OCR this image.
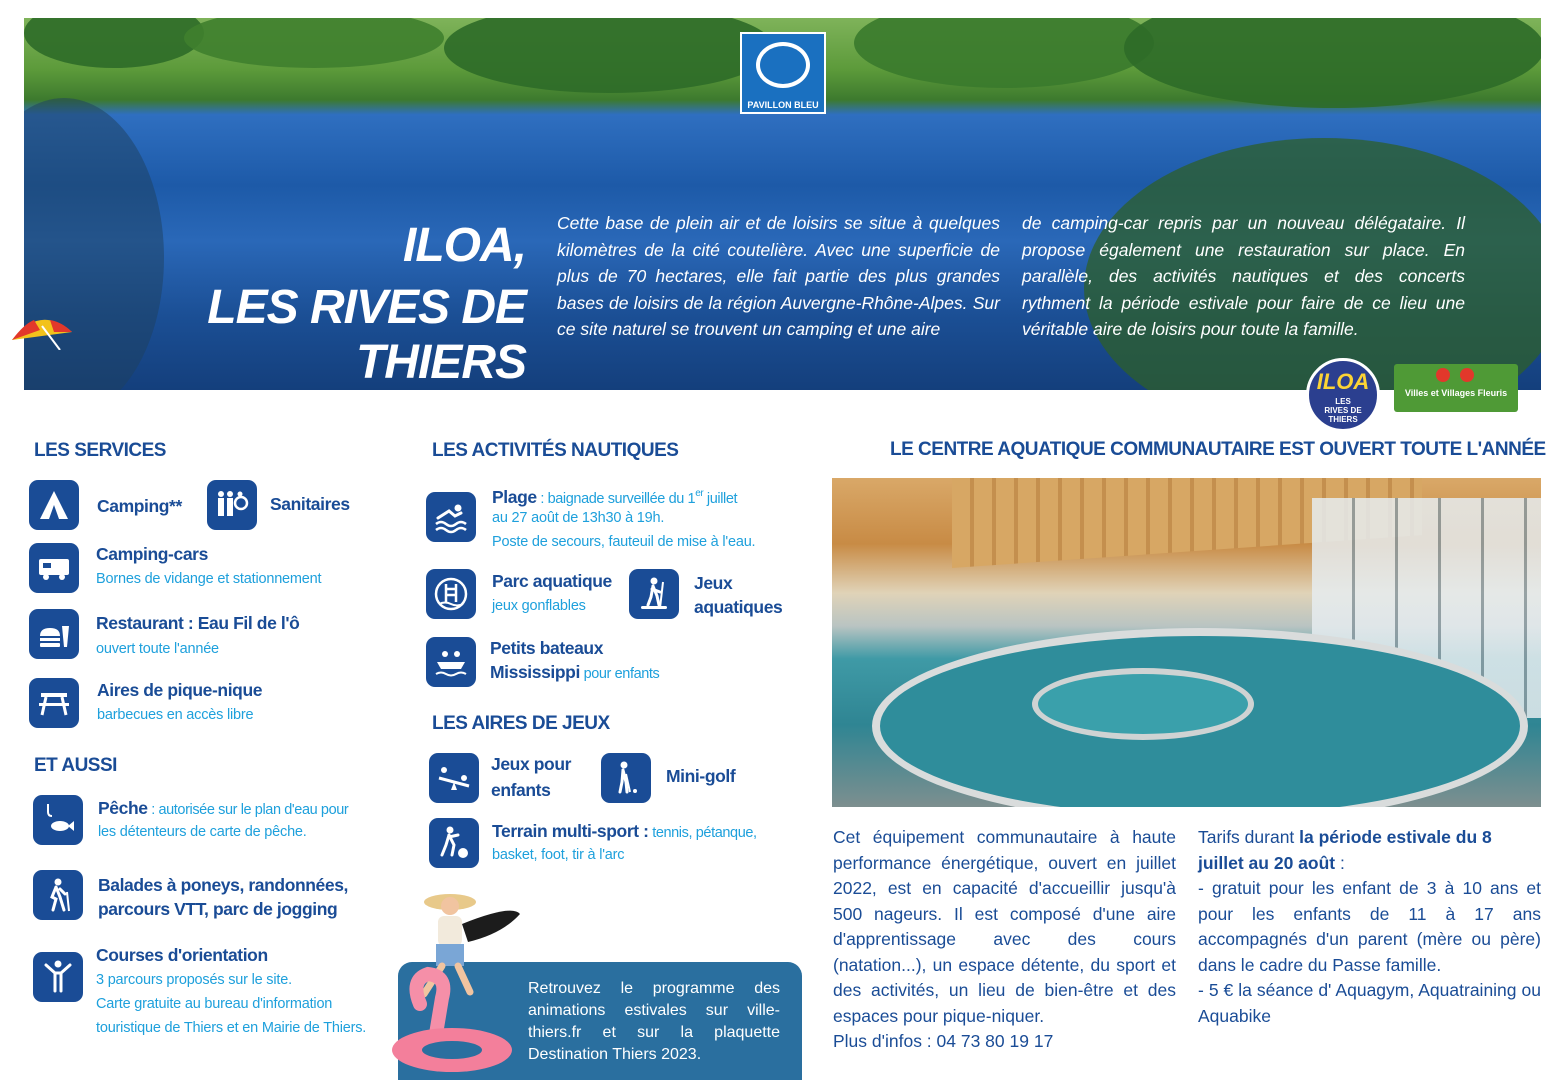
PAVILLON BLEU
ILOA,
LES RIVES DE THIERS
Cette base de plein air et de loisirs se situe à quelques kilomètres de la cité coutelière. Avec une superficie de plus de 70 hectares, elle fait partie des plus grandes bases de loisirs de la région Auvergne-Rhône-Alpes. Sur ce site naturel se trouvent un camping et une aire
de camping-car repris par un nouveau délégataire. Il propose également une restauration sur place. En parallèle, des activités nautiques et des concerts rythment la période estivale pour faire de ce lieu une véritable aire de loisirs pour toute la famille.
ILOA
LES RIVES DE THIERS
Villes et Villages Fleuris
LES SERVICES
Camping**	Sanitaires
Camping-cars
Bornes de vidange et stationnement
Restaurant : Eau Fil de l'ô
ouvert toute l'année
Aires de pique-nique
barbecues en accès libre
ET AUSSI
Pêche : autorisée sur le plan d'eau pour
les détenteurs de carte de pêche.
Balades à poneys, randonnées,
parcours VTT, parc de jogging
Courses d'orientation
3 parcours proposés sur le site.
Carte gratuite au bureau d'information
touristique de Thiers et en Mairie de Thiers.
LES ACTIVITÉS NAUTIQUES
Plage : baignade surveillée du 1er juillet
au 27 août de 13h30 à 19h.
Poste de secours, fauteuil de mise à l'eau.
Parc aquatique
jeux gonflables
Jeux
aquatiques
Petits bateaux
Mississippi pour enfants
LES AIRES DE JEUX
Jeux pour
enfants
Mini-golf
Terrain multi-sport : tennis, pétanque,
basket, foot, tir à l'arc
Retrouvez le programme des animations estivales sur ville-thiers.fr et sur la plaquette Destination Thiers 2023.
LE CENTRE AQUATIQUE COMMUNAUTAIRE EST OUVERT TOUTE L'ANNÉE
Cet équipement communautaire à haute performance énergétique, ouvert en juillet 2022, est en capacité d'accueillir jusqu'à 500 nageurs. Il est composé d'une aire d'apprentissage avec des cours (natation...), un espace détente, du sport et des activités, un lieu de bien-être et des espaces pour pique-niquer.
Plus d'infos : 04 73 80 19 17
Tarifs durant la période estivale du 8 juillet au 20 août :
- gratuit pour les enfant de 3 à 10 ans et pour les enfants de 11 à 17 ans accompagnés d'un parent (mère ou père) dans le cadre du Passe famille.
- 5 € la séance d' Aquagym, Aquatraining ou Aquabike
